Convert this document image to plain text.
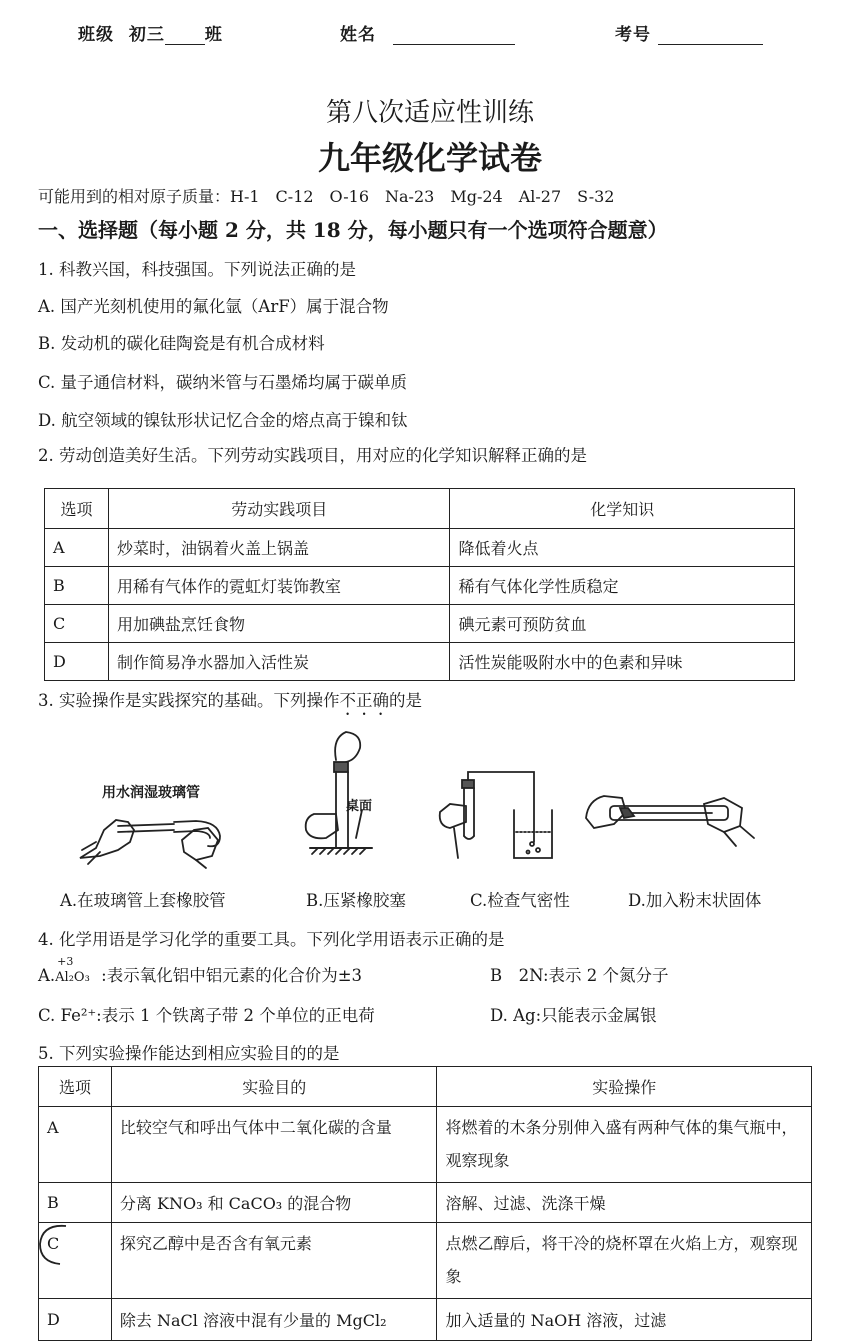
班级 初三 班	姓名	考号
第八次适应性训练
九年级化学试卷
可能用到的相对原子质量：H-1　C-12　O-16　Na-23　Mg-24　Al-27　S-32
一、选择题（每小题 2 分，共 18 分，每小题只有一个选项符合题意）
1. 科教兴国，科技强国。下列说法正确的是
A. 国产光刻机使用的氟化氩（ArF）属于混合物
B. 发动机的碳化硅陶瓷是有机合成材料
C. 量子通信材料，碳纳米管与石墨烯均属于碳单质
D. 航空领域的镍钛形状记忆合金的熔点高于镍和钛
2. 劳动创造美好生活。下列劳动实践项目，用对应的化学知识解释正确的是
选项	劳动实践项目	化学知识
A	炒菜时，油锅着火盖上锅盖	降低着火点
B	用稀有气体作的霓虹灯装饰教室	稀有气体化学性质稳定
C	用加碘盐烹饪食物	碘元素可预防贫血
D	制作简易净水器加入活性炭	活性炭能吸附水中的色素和异味
3. 实验操作是实践探究的基础。下列操作不正确的是
用水润湿玻璃管
桌面
A.在玻璃管上套橡胶管	B.压紧橡胶塞	C.检查气密性	D.加入粉末状固体
4. 化学用语是学习化学的重要工具。下列化学用语表示正确的是
A.
+3
Al₂O₃ :表示氧化铝中铝元素的化合价为±3	B　2N:表示 2 个氮分子
C. Fe²⁺:表示 1 个铁离子带 2 个单位的正电荷	D. Ag:只能表示金属银
5. 下列实验操作能达到相应实验目的的是
选项	实验目的	实验操作
A	比较空气和呼出气体中二氧化碳的含量	将燃着的木条分别伸入盛有两种气体的集气瓶中，观察现象
B	分离 KNO₃ 和 CaCO₃ 的混合物	溶解、过滤、洗涤干燥
C	探究乙醇中是否含有氧元素	点燃乙醇后，将干冷的烧杯罩在火焰上方，观察现象
D	除去 NaCl 溶液中混有少量的 MgCl₂	加入适量的 NaOH 溶液，过滤
